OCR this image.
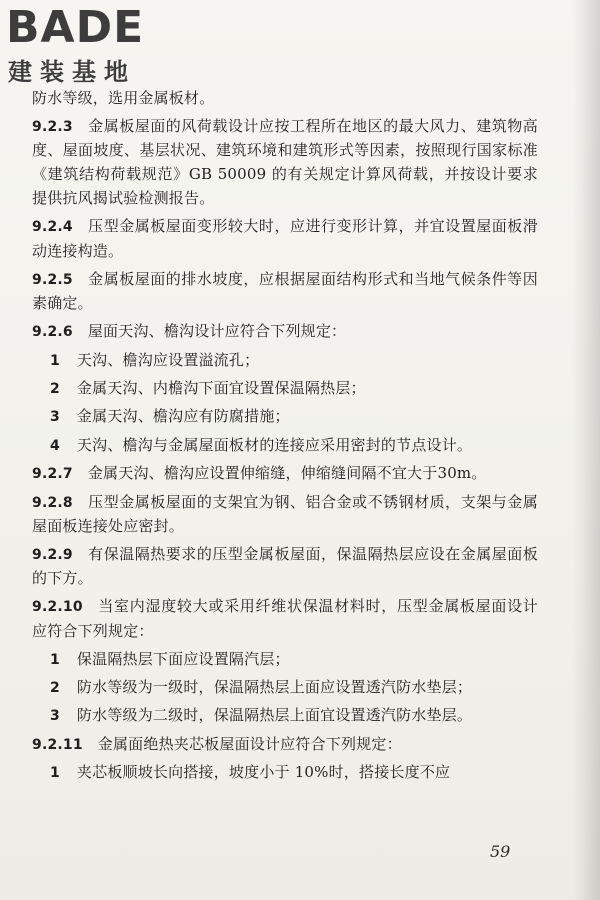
BADE
建装基地

防水等级，选用金属板材。

9.2.3 金属板屋面的风荷载设计应按工程所在地区的最大风力、建筑物高度、屋面坡度、基层状况、建筑环境和建筑形式等因素，按照现行国家标准《建筑结构荷载规范》GB 50009 的有关规定计算风荷载，并按设计要求提供抗风揭试验检测报告。

9.2.4 压型金属板屋面变形较大时，应进行变形计算，并宜设置屋面板滑动连接构造。

9.2.5 金属板屋面的排水坡度，应根据屋面结构形式和当地气候条件等因素确定。

9.2.6 屋面天沟、檐沟设计应符合下列规定：

1 天沟、檐沟应设置溢流孔；

2 金属天沟、内檐沟下面宜设置保温隔热层；

3 金属天沟、檐沟应有防腐措施；

4 天沟、檐沟与金属屋面板材的连接应采用密封的节点设计。

9.2.7 金属天沟、檐沟应设置伸缩缝，伸缩缝间隔不宜大于30m。

9.2.8 压型金属板屋面的支架宜为钢、铝合金或不锈钢材质，支架与金属屋面板连接处应密封。

9.2.9 有保温隔热要求的压型金属板屋面，保温隔热层应设在金属屋面板的下方。

9.2.10 当室内湿度较大或采用纤维状保温材料时，压型金属板屋面设计应符合下列规定：

1 保温隔热层下面应设置隔汽层；

2 防水等级为一级时，保温隔热层上面应设置透汽防水垫层；

3 防水等级为二级时，保温隔热层上面宜设置透汽防水垫层。

9.2.11 金属面绝热夹芯板屋面设计应符合下列规定：

1 夹芯板顺坡长向搭接，坡度小于 10%时，搭接长度不应

59
